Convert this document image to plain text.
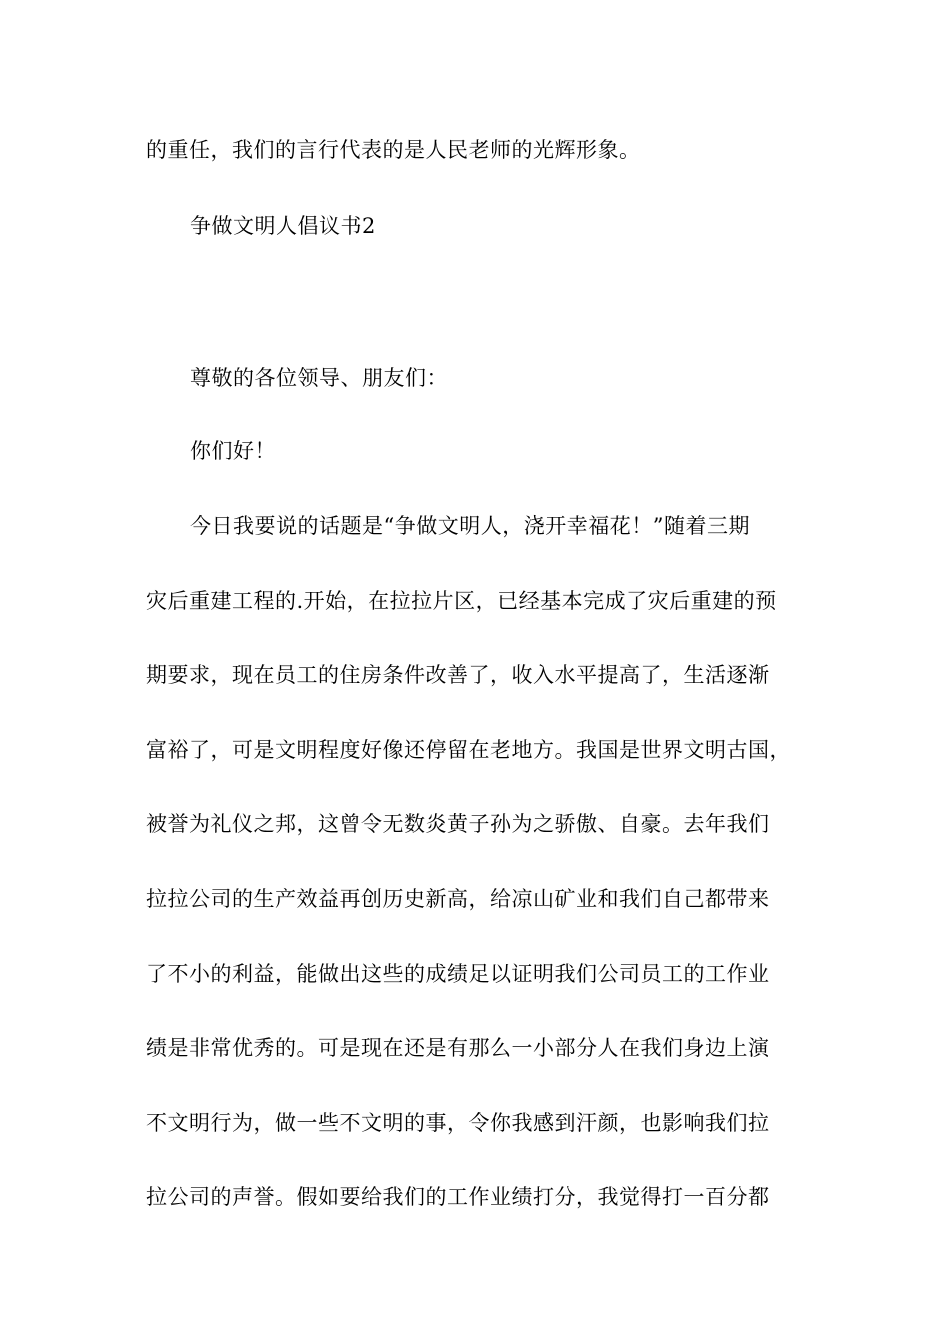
的重任，我们的言行代表的是人民老师的光辉形象。
争做文明人倡议书2
尊敬的各位领导、朋友们：
你们好！
今日我要说的话题是“争做文明人，浇开幸福花！”随着三期
灾后重建工程的.开始，在拉拉片区，已经基本完成了灾后重建的预
期要求，现在员工的住房条件改善了，收入水平提高了，生活逐渐
富裕了，可是文明程度好像还停留在老地方。我国是世界文明古国，
被誉为礼仪之邦，这曾令无数炎黄子孙为之骄傲、自豪。去年我们
拉拉公司的生产效益再创历史新高，给凉山矿业和我们自己都带来
了不小的利益，能做出这些的成绩足以证明我们公司员工的工作业
绩是非常优秀的。可是现在还是有那么一小部分人在我们身边上演
不文明行为，做一些不文明的事，令你我感到汗颜，也影响我们拉
拉公司的声誉。假如要给我们的工作业绩打分，我觉得打一百分都
